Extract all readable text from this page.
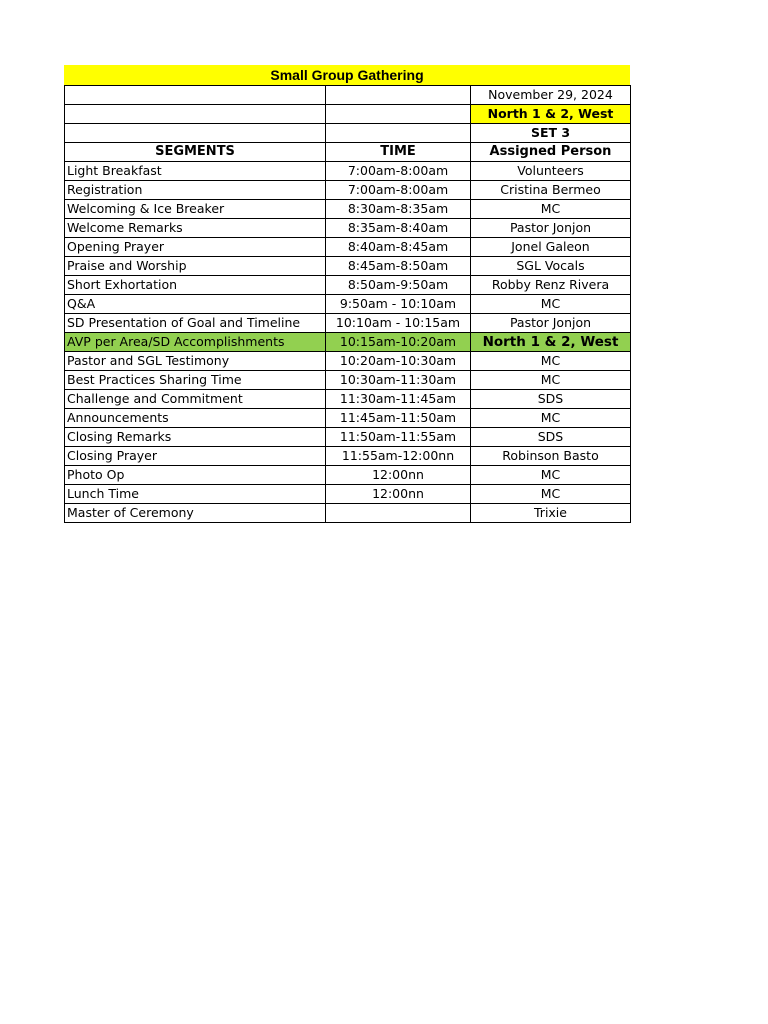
Small Group Gathering
		November 29, 2024
		North 1 & 2, West
		SET 3
SEGMENTS	TIME	Assigned Person
Light Breakfast	7:00am-8:00am	Volunteers
Registration	7:00am-8:00am	Cristina Bermeo
Welcoming & Ice Breaker	8:30am-8:35am	MC
Welcome Remarks	8:35am-8:40am	Pastor Jonjon
Opening Prayer	8:40am-8:45am	Jonel Galeon
Praise and Worship	8:45am-8:50am	SGL Vocals
Short Exhortation	8:50am-9:50am	Robby Renz Rivera
Q&A	9:50am - 10:10am	MC
SD Presentation of Goal and Timeline	10:10am - 10:15am	Pastor Jonjon
AVP per Area/SD Accomplishments	10:15am-10:20am	North 1 & 2, West
Pastor and SGL Testimony	10:20am-10:30am	MC
Best Practices Sharing Time	10:30am-11:30am	MC
Challenge and Commitment	11:30am-11:45am	SDS
Announcements	11:45am-11:50am	MC
Closing Remarks	11:50am-11:55am	SDS
Closing Prayer	11:55am-12:00nn	Robinson Basto
Photo Op	12:00nn	MC
Lunch Time	12:00nn	MC
Master of Ceremony		Trixie
